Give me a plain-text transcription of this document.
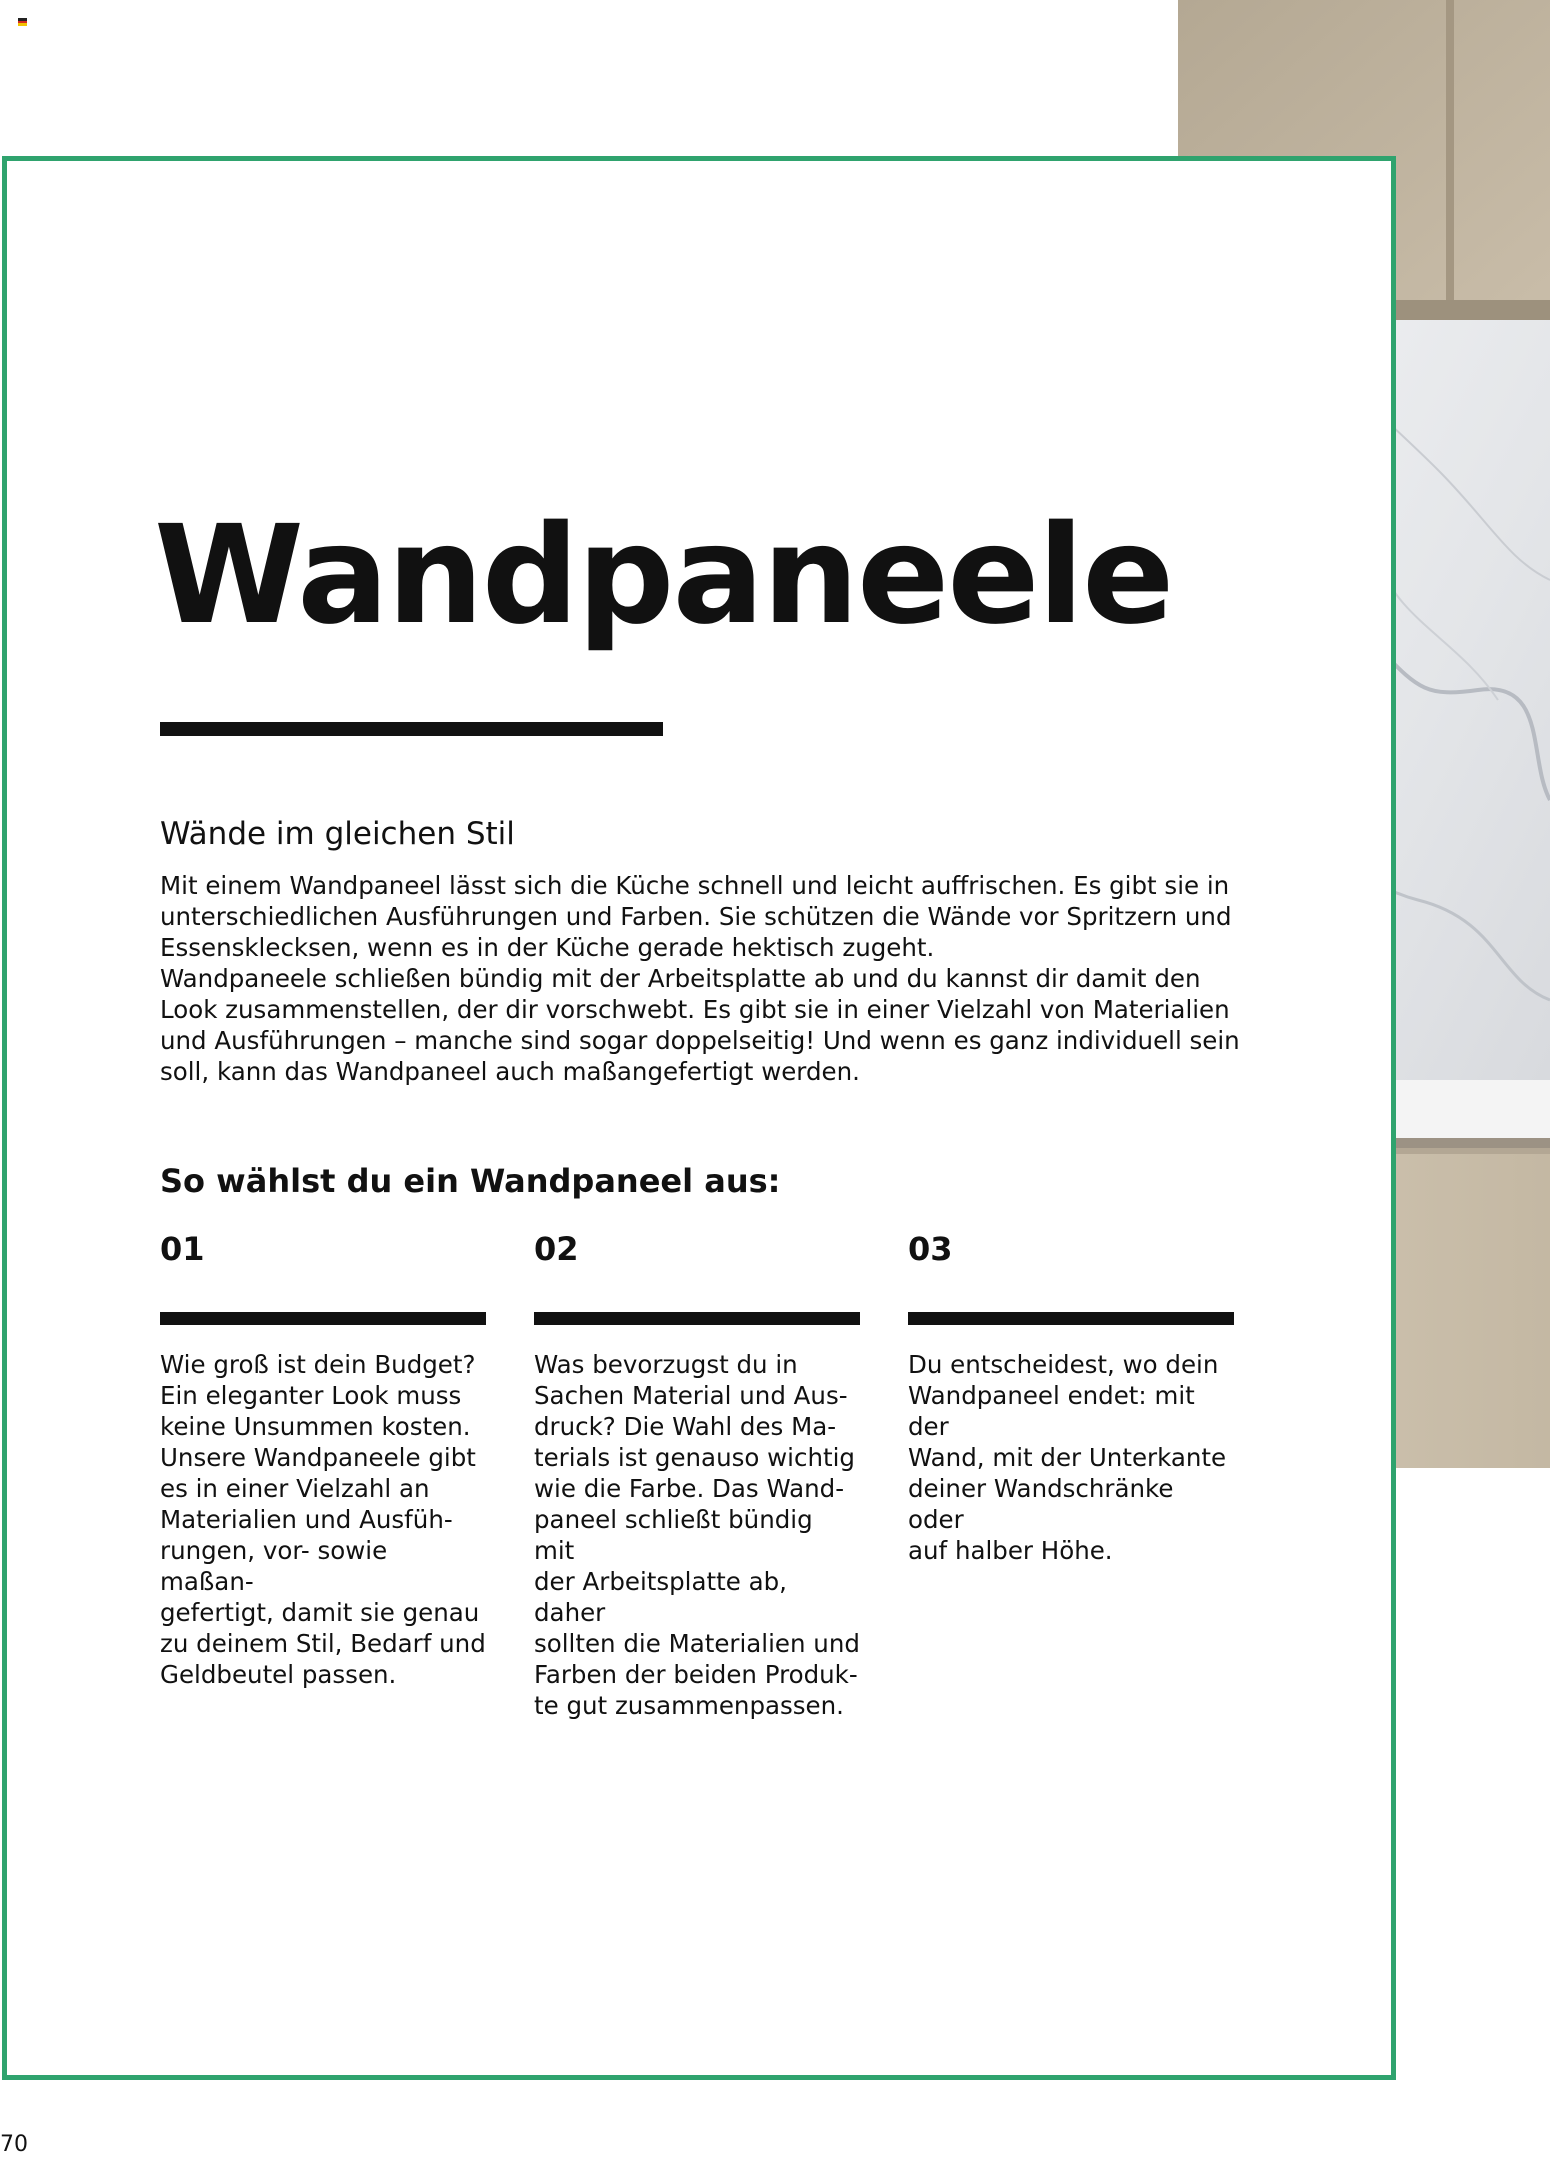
Wandpaneele
Wände im gleichen Stil

Mit einem Wandpaneel lässt sich die Küche schnell und leicht auffrischen. Es gibt sie in
unterschiedlichen Ausführungen und Farben. Sie schützen die Wände vor Spritzern und
Essensklecksen, wenn es in der Küche gerade hektisch zugeht.
Wandpaneele schließen bündig mit der Arbeitsplatte ab und du kannst dir damit den
Look zusammenstellen, der dir vorschwebt. Es gibt sie in einer Vielzahl von Materialien
und Ausführungen – manche sind sogar doppelseitig! Und wenn es ganz individuell sein
soll, kann das Wandpaneel auch maßangefertigt werden.

So wählst du ein Wandpaneel aus:
01

Wie groß ist dein Budget?
Ein eleganter Look muss
keine Unsummen kosten.
Unsere Wandpaneele gibt
es in einer Vielzahl an
Materialien und Ausfüh-
rungen, vor- sowie maßan-
gefertigt, damit sie genau
zu deinem Stil, Bedarf und
Geldbeutel passen.

02

Was bevorzugst du in
Sachen Material und Aus-
druck? Die Wahl des Ma-
terials ist genauso wichtig
wie die Farbe. Das Wand-
paneel schließt bündig mit
der Arbeitsplatte ab, daher
sollten die Materialien und
Farben der beiden Produk-
te gut zusammenpassen.

03

Du entscheidest, wo dein
Wandpaneel endet: mit der
Wand, mit der Unterkante
deiner Wandschränke oder
auf halber Höhe.

70
